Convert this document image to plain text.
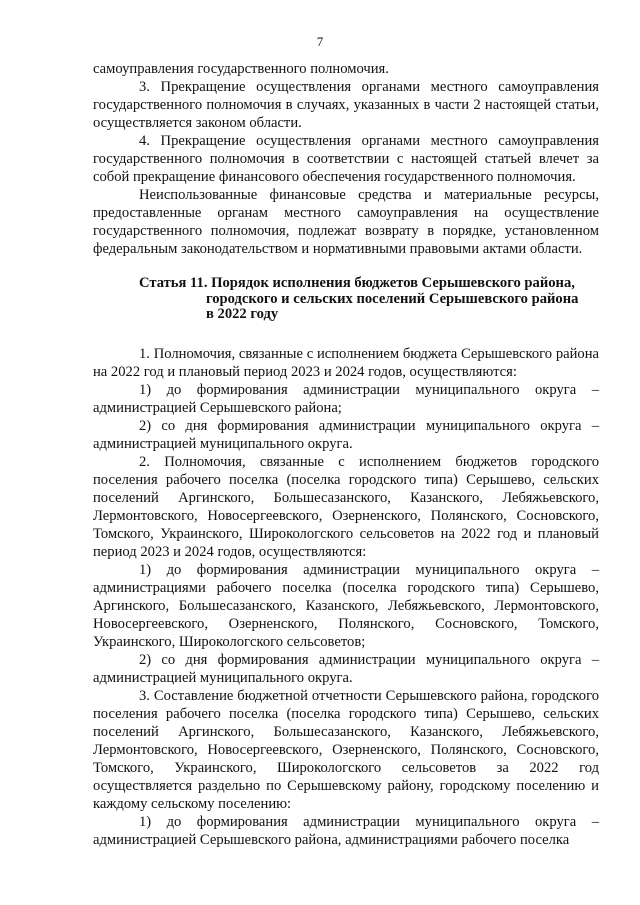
7

самоуправления государственного полномочия.

3. Прекращение осуществления органами местного самоуправления государственного полномочия в случаях, указанных в части 2 настоящей статьи, осуществляется законом области.

4. Прекращение осуществления органами местного самоуправления государственного полномочия в соответствии с настоящей статьей влечет за собой прекращение финансового обеспечения государственного полномочия.

Неиспользованные финансовые средства и материальные ресурсы, предоставленные органам местного самоуправления на осуществление государственного полномочия, подлежат возврату в порядке, установленном федеральным законодательством и нормативными правовыми актами области.

Статья 11. Порядок исполнения бюджетов Серышевского района,
городского и сельских поселений Серышевского района
в 2022 году

1. Полномочия, связанные с исполнением бюджета Серышевского района на 2022 год и плановый период 2023 и 2024 годов, осуществляются:

1) до формирования администрации муниципального округа – администрацией Серышевского района;

2) со дня формирования администрации муниципального округа – администрацией муниципального округа.

2. Полномочия, связанные с исполнением бюджетов городского поселения рабочего поселка (поселка городского типа) Серышево, сельских поселений Аргинского, Большесазанского, Казанского, Лебяжьевского, Лермонтовского, Новосергеевского, Озерненского, Полянского, Сосновского, Томского, Украинского, Широкологского сельсоветов на 2022 год и плановый период 2023 и 2024 годов, осуществляются:

1) до формирования администрации муниципального округа – администрациями рабочего поселка (поселка городского типа) Серышево, Аргинского, Большесазанского, Казанского, Лебяжьевского, Лермонтовского, Новосергеевского, Озерненского, Полянского, Сосновского, Томского, Украинского, Широкологского сельсоветов;

2) со дня формирования администрации муниципального округа – администрацией муниципального округа.

3. Составление бюджетной отчетности Серышевского района, городского поселения рабочего поселка (поселка городского типа) Серышево, сельских поселений Аргинского, Большесазанского, Казанского, Лебяжьевского, Лермонтовского, Новосергеевского, Озерненского, Полянского, Сосновского, Томского, Украинского, Широкологского сельсоветов за 2022 год осуществляется раздельно по Серышевскому району, городскому поселению и каждому сельскому поселению:

1) до формирования администрации муниципального округа – администрацией Серышевского района, администрациями рабочего поселка
